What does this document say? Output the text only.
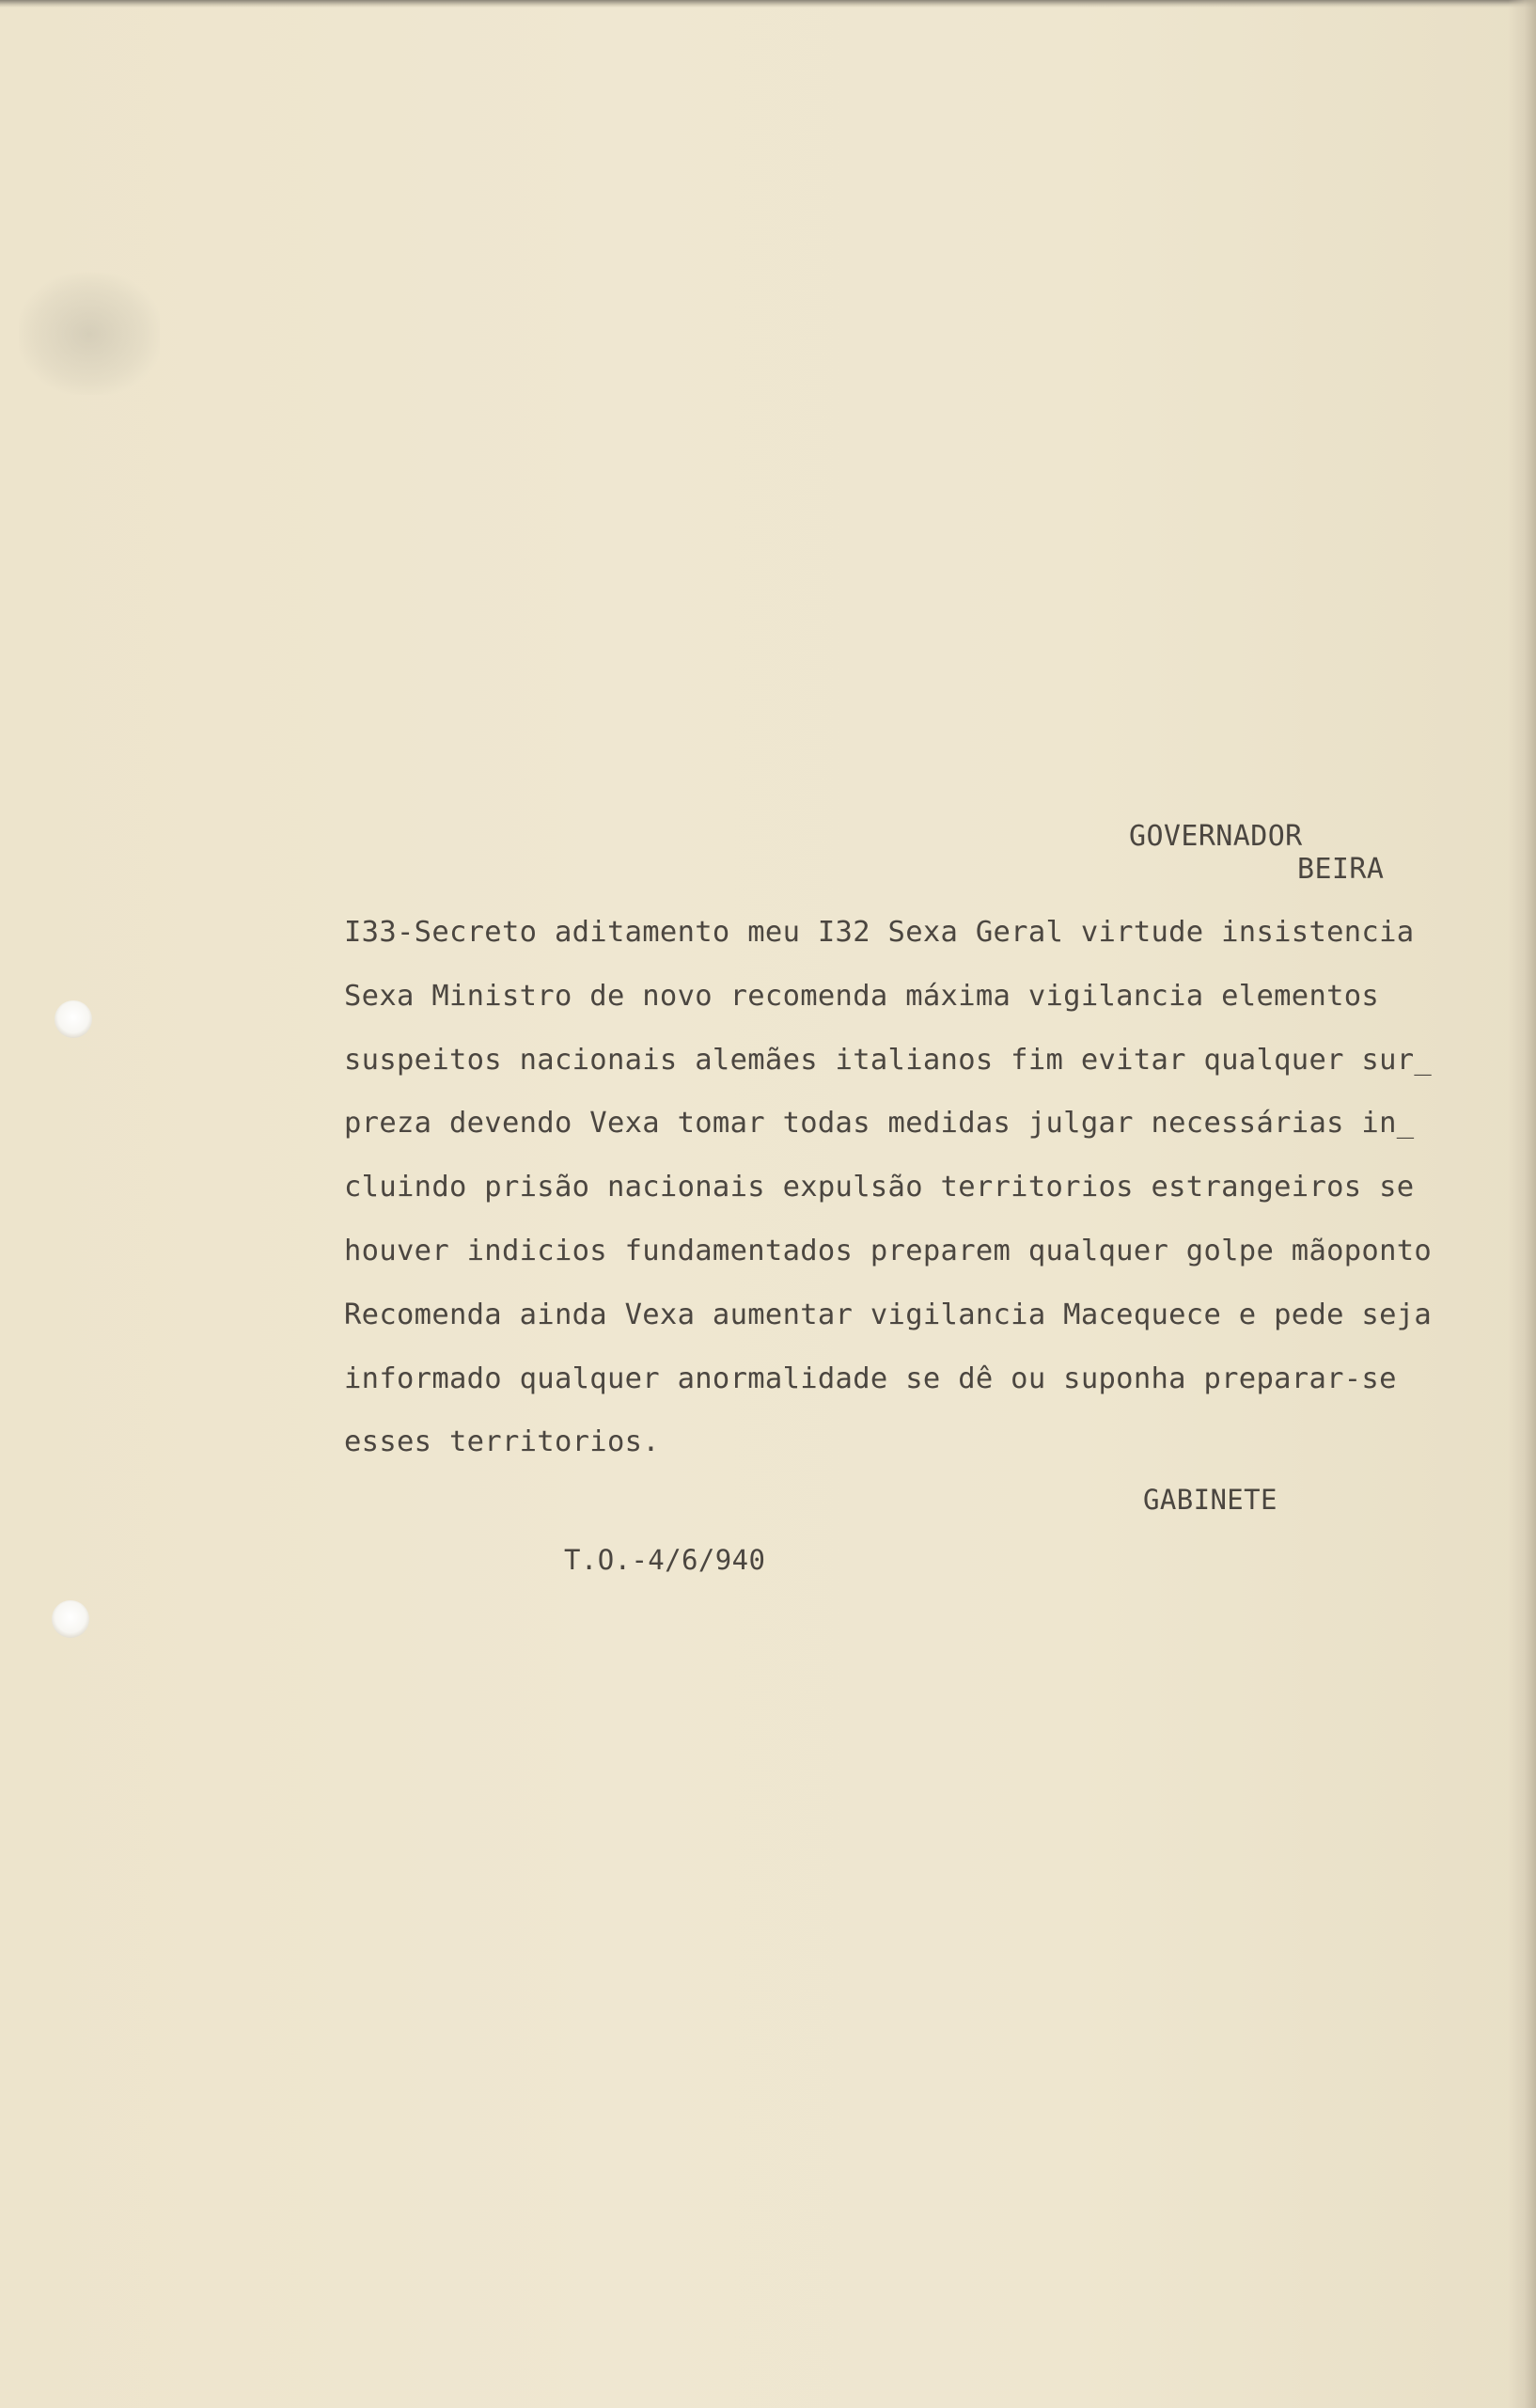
GOVERNADOR
BEIRA
I33-Secreto aditamento meu I32 Sexa Geral virtude insistencia
Sexa Ministro de novo recomenda máxima vigilancia elementos
suspeitos nacionais alemães italianos fim evitar qualquer sur_
preza devendo Vexa tomar todas medidas julgar necessárias in_
cluindo prisão nacionais expulsão territorios estrangeiros se
houver indicios fundamentados preparem qualquer golpe mãoponto
Recomenda ainda Vexa aumentar vigilancia Macequece e pede seja
informado qualquer anormalidade se dê ou suponha preparar-se
esses territorios.
GABINETE
T.O.-4/6/940
